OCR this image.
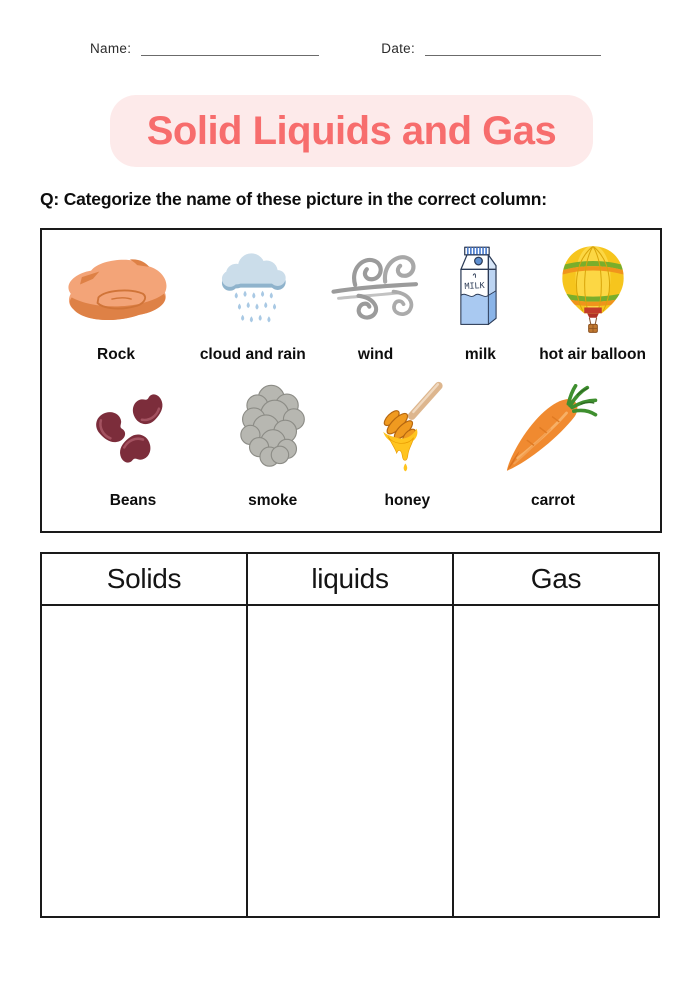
Name:	Date:
Solid Liquids and Gas
Q: Categorize the name of these picture in the correct column:
Rock	cloud and rain	wind
MILK
milk	hot air balloon
Beans	smoke	honey	carrot
Solids	liquids	Gas
